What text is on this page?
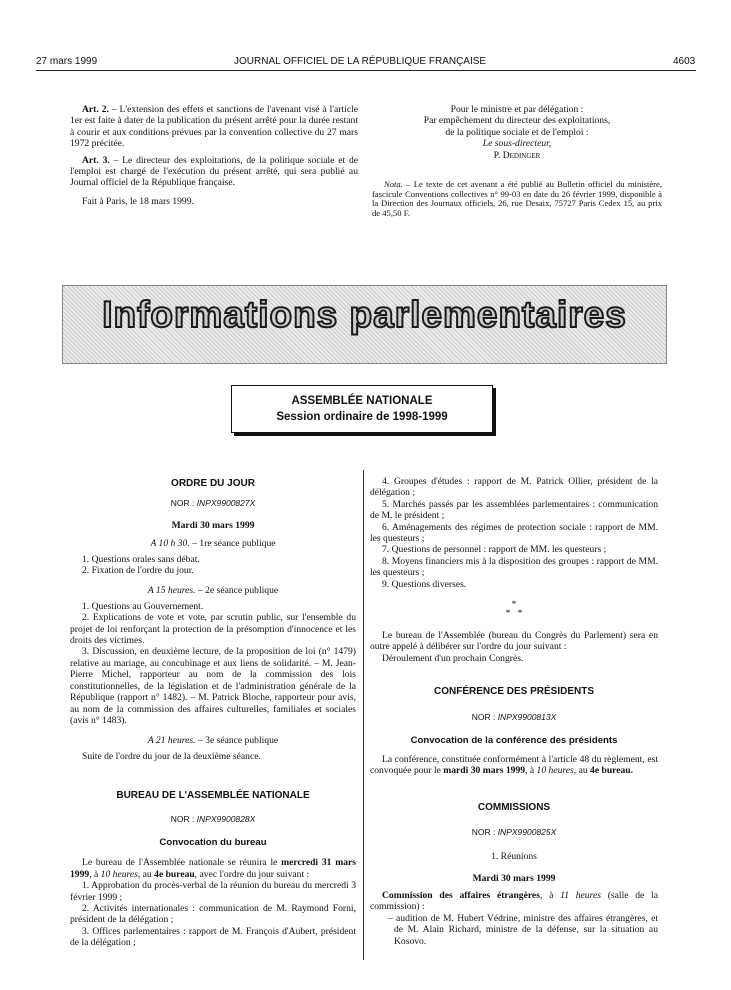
27 mars 1999	JOURNAL OFFICIEL DE LA RÉPUBLIQUE FRANÇAISE	4603

Art. 2. – L'extension des effets et sanctions de l'avenant visé à l'article 1er est faite à dater de la publication du présent arrêté pour la durée restant à courir et aux conditions prévues par la convention collective du 27 mars 1972 précitée.

Art. 3. – Le directeur des exploitations, de la politique sociale et de l'emploi est chargé de l'exécution du présent arrêté, qui sera publié au Journal officiel de la République française.

Fait à Paris, le 18 mars 1999.

Pour le ministre et par délégation :

Par empêchement du directeur des exploitations,

de la politique sociale et de l'emploi :

Le sous-directeur,

P. Dedinger

Nota. – Le texte de cet avenant a été publié au Bulletin officiel du ministère, fascicule Conventions collectives n° 99-03 en date du 26 février 1999, disponible à la Direction des Journaux officiels, 26, rue Desaix, 75727 Paris Cedex 15, au prix de 45,50 F.
Informations parlementaires
ASSEMBLÉE NATIONALE
Session ordinaire de 1998-1999

ORDRE DU JOUR

NOR : INPX9900827X

Mardi 30 mars 1999

A 10 h 30. – 1re séance publique

1. Questions orales sans débat.

2. Fixation de l'ordre du jour.

A 15 heures. – 2e séance publique

1. Questions au Gouvernement.

2. Explications de vote et vote, par scrutin public, sur l'ensemble du projet de loi renforçant la protection de la présomption d'innocence et les droits des victimes.

3. Discussion, en deuxième lecture, de la proposition de loi (n° 1479) relative au mariage, au concubinage et aux liens de solidarité. – M. Jean-Pierre Michel, rapporteur au nom de la commission des lois constitutionnelles, de la législation et de l'administration générale de la République (rapport n° 1482). – M. Patrick Bloche, rapporteur pour avis, au nom de la commission des affaires culturelles, familiales et sociales (avis n° 1483).

A 21 heures. – 3e séance publique

Suite de l'ordre du jour de la deuxième séance.

BUREAU DE L'ASSEMBLÉE NATIONALE

NOR : INPX9900828X

Convocation du bureau

Le bureau de l'Assemblée nationale se réunira le mercredi 31 mars 1999, à 10 heures, au 4e bureau, avec l'ordre du jour suivant :

1. Approbation du procès-verbal de la réunion du bureau du mercredi 3 février 1999 ;

2. Activités internationales : communication de M. Raymond Forni, président de la délégation ;

3. Offices parlementaires : rapport de M. François d'Aubert, président de la délégation ;

4. Groupes d'études : rapport de M. Patrick Ollier, président de la délégation ;

5. Marchés passés par les assemblées parlementaires : communication de M. le président ;

6. Aménagements des régimes de protection sociale : rapport de MM. les questeurs ;

7. Questions de personnel : rapport de MM. les questeurs ;

8. Moyens financiers mis à la disposition des groupes : rapport de MM. les questeurs ;

9. Questions diverses.

*

*   *

Le bureau de l'Assemblée (bureau du Congrès du Parlement) sera en outre appelé à délibérer sur l'ordre du jour suivant :

Déroulement d'un prochain Congrès.

CONFÉRENCE DES PRÉSIDENTS

NOR : INPX9900813X

Convocation de la conférence des présidents

La conférence, constituée conformément à l'article 48 du règlement, est convoquée pour le mardi 30 mars 1999, à 10 heures, au 4e bureau.

COMMISSIONS

NOR : INPX9900825X

1. Réunions

Mardi 30 mars 1999

Commission des affaires étrangères, à 11 heures (salle de la commission) :

– audition de M. Hubert Védrine, ministre des affaires étrangères, et de M. Alain Richard, ministre de la défense, sur la situation au Kosovo.
